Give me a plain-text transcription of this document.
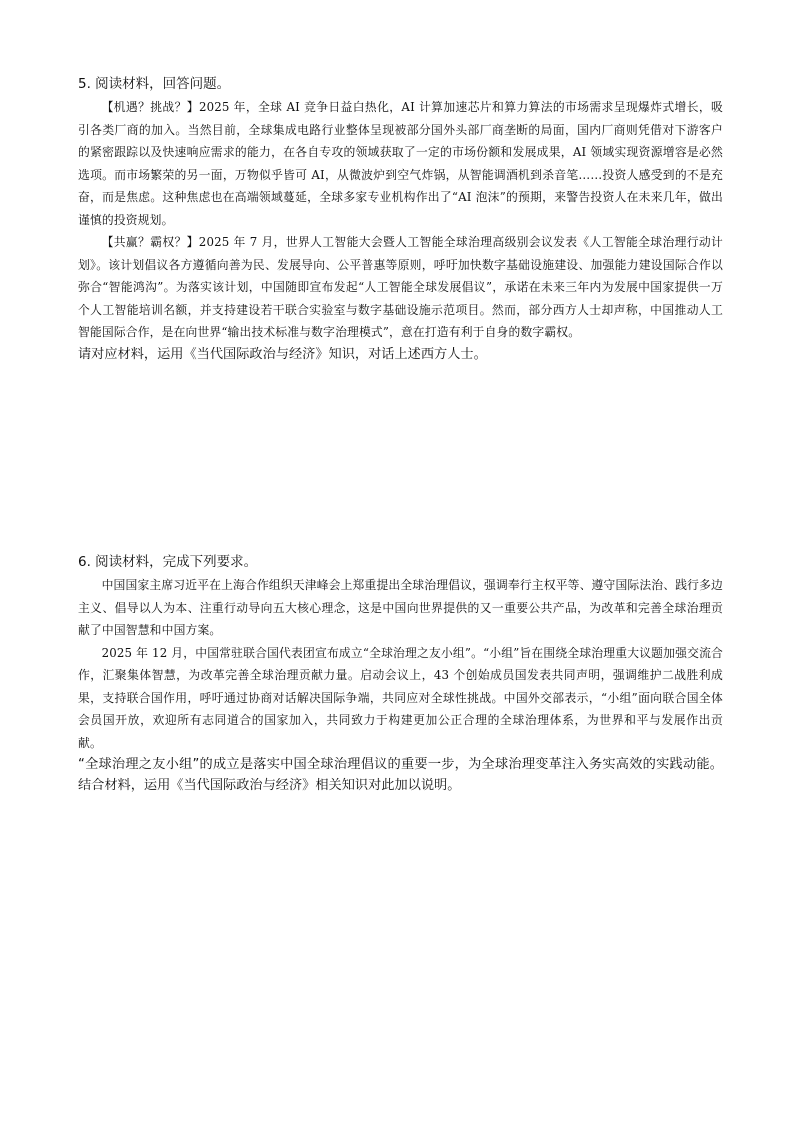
5. 阅读材料，回答问题。

【机遇？挑战？】2025 年，全球 AI 竞争日益白热化，AI 计算加速芯片和算力算法的市场需求呈现爆炸式增长，吸引各类厂商的加入。当然目前，全球集成电路行业整体呈现被部分国外头部厂商垄断的局面，国内厂商则凭借对下游客户的紧密跟踪以及快速响应需求的能力，在各自专攻的领域获取了一定的市场份额和发展成果，AI 领域实现资源增容是必然选项。而市场繁荣的另一面，万物似乎皆可 AI，从微波炉到空气炸锅，从智能调酒机到杀音笔……投资人感受到的不是充奋，而是焦虑。这种焦虑也在高端领域蔓延，全球多家专业机构作出了“AI 泡沫”的预期，来警告投资人在未来几年，做出谨慎的投资规划。

【共赢？霸权？】2025 年 7 月，世界人工智能大会暨人工智能全球治理高级别会议发表《人工智能全球治理行动计划》。该计划倡议各方遵循向善为民、发展导向、公平普惠等原则，呼吁加快数字基础设施建设、加强能力建设国际合作以弥合“智能鸿沟”。为落实该计划，中国随即宣布发起“人工智能全球发展倡议”，承诺在未来三年内为发展中国家提供一万个人工智能培训名额，并支持建设若干联合实验室与数字基础设施示范项目。然而，部分西方人士却声称，中国推动人工智能国际合作，是在向世界“输出技术标准与数字治理模式”，意在打造有利于自身的数字霸权。

请对应材料，运用《当代国际政治与经济》知识，对话上述西方人士。

6. 阅读材料，完成下列要求。

中国国家主席习近平在上海合作组织天津峰会上郑重提出全球治理倡议，强调奉行主权平等、遵守国际法治、践行多边主义、倡导以人为本、注重行动导向五大核心理念，这是中国向世界提供的又一重要公共产品，为改革和完善全球治理贡献了中国智慧和中国方案。

2025 年 12 月，中国常驻联合国代表团宣布成立“全球治理之友小组”。“小组”旨在围绕全球治理重大议题加强交流合作，汇聚集体智慧，为改革完善全球治理贡献力量。启动会议上，43 个创始成员国发表共同声明，强调维护二战胜利成果，支持联合国作用，呼吁通过协商对话解决国际争端，共同应对全球性挑战。中国外交部表示，“小组”面向联合国全体会员国开放，欢迎所有志同道合的国家加入，共同致力于构建更加公正合理的全球治理体系，为世界和平与发展作出贡献。

“全球治理之友小组”的成立是落实中国全球治理倡议的重要一步，为全球治理变革注入务实高效的实践动能。结合材料，运用《当代国际政治与经济》相关知识对此加以说明。
